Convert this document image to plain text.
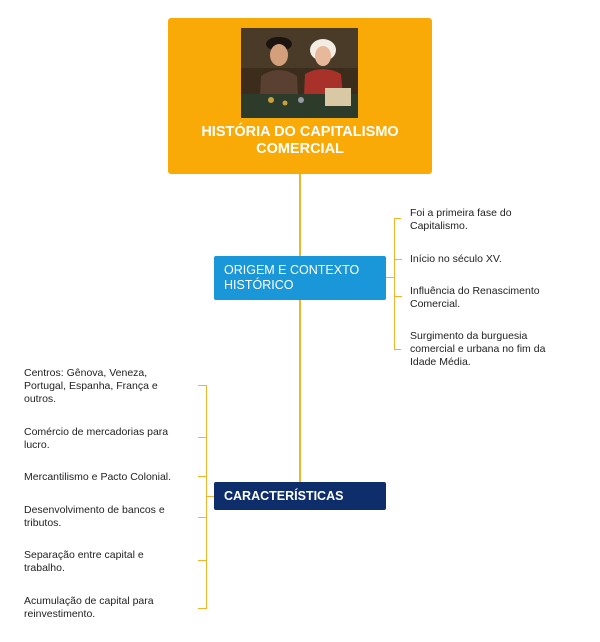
HISTÓRIA DO CAPITALISMO
COMERCIAL
ORIGEM E CONTEXTO
HISTÓRICO
Foi a primeira fase do
Capitalismo.
Início no século XV.
Influência do Renascimento
Comercial.
Surgimento da burguesia
comercial e urbana no fim da
Idade Média.
CARACTERÍSTICAS
Centros: Gênova, Veneza,
Portugal, Espanha, França e
outros.
Comércio de mercadorias para
lucro.
Mercantilismo e Pacto Colonial.
Desenvolvimento de bancos e
tributos.
Separação entre capital e
trabalho.
Acumulação de capital para
reinvestimento.
